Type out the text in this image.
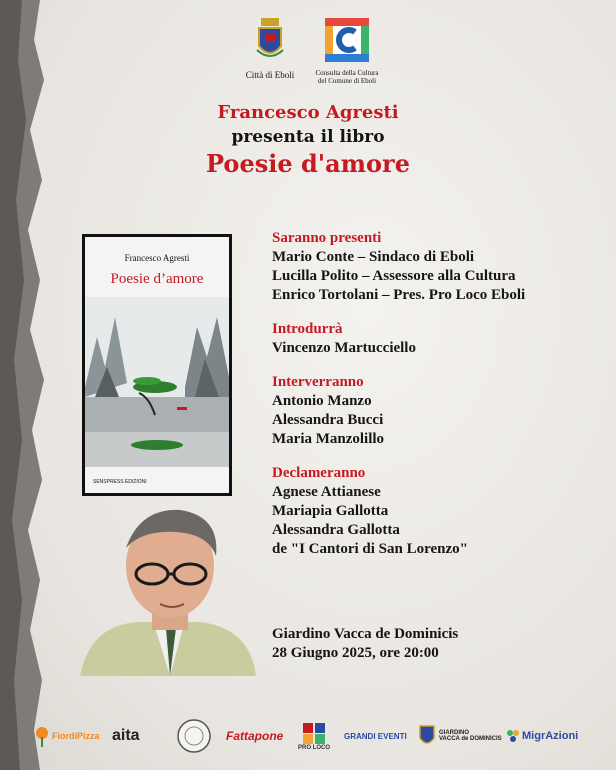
Città di Eboli	Consulta della Cultura
del Comune di Eboli
Francesco Agresti
presenta il libro
Poesie d'amore
Francesco Agresti
Poesie d’amore
SENSPRESS EDIZIONI
Saranno presenti
Mario Conte – Sindaco di Eboli
Lucilla Polito – Assessore alla Cultura
Enrico Tortolani – Pres. Pro Loco Eboli
Introdurrà
Vincenzo Martucciello
Interverranno
Antonio Manzo
Alessandra Bucci
Maria Manzolillo
Declameranno
Agnese Attianese
Mariapia Gallotta
Alessandra Gallotta
de "I Cantori di San Lorenzo"
Giardino Vacca de Dominicis
28 Giugno 2025, ore 20:00
FiordiPizza aita	Fattapone
PRO LOCO
GRANDI EVENTI	GIARDINO
VACCA de DOMINICIS MigrAzioni
